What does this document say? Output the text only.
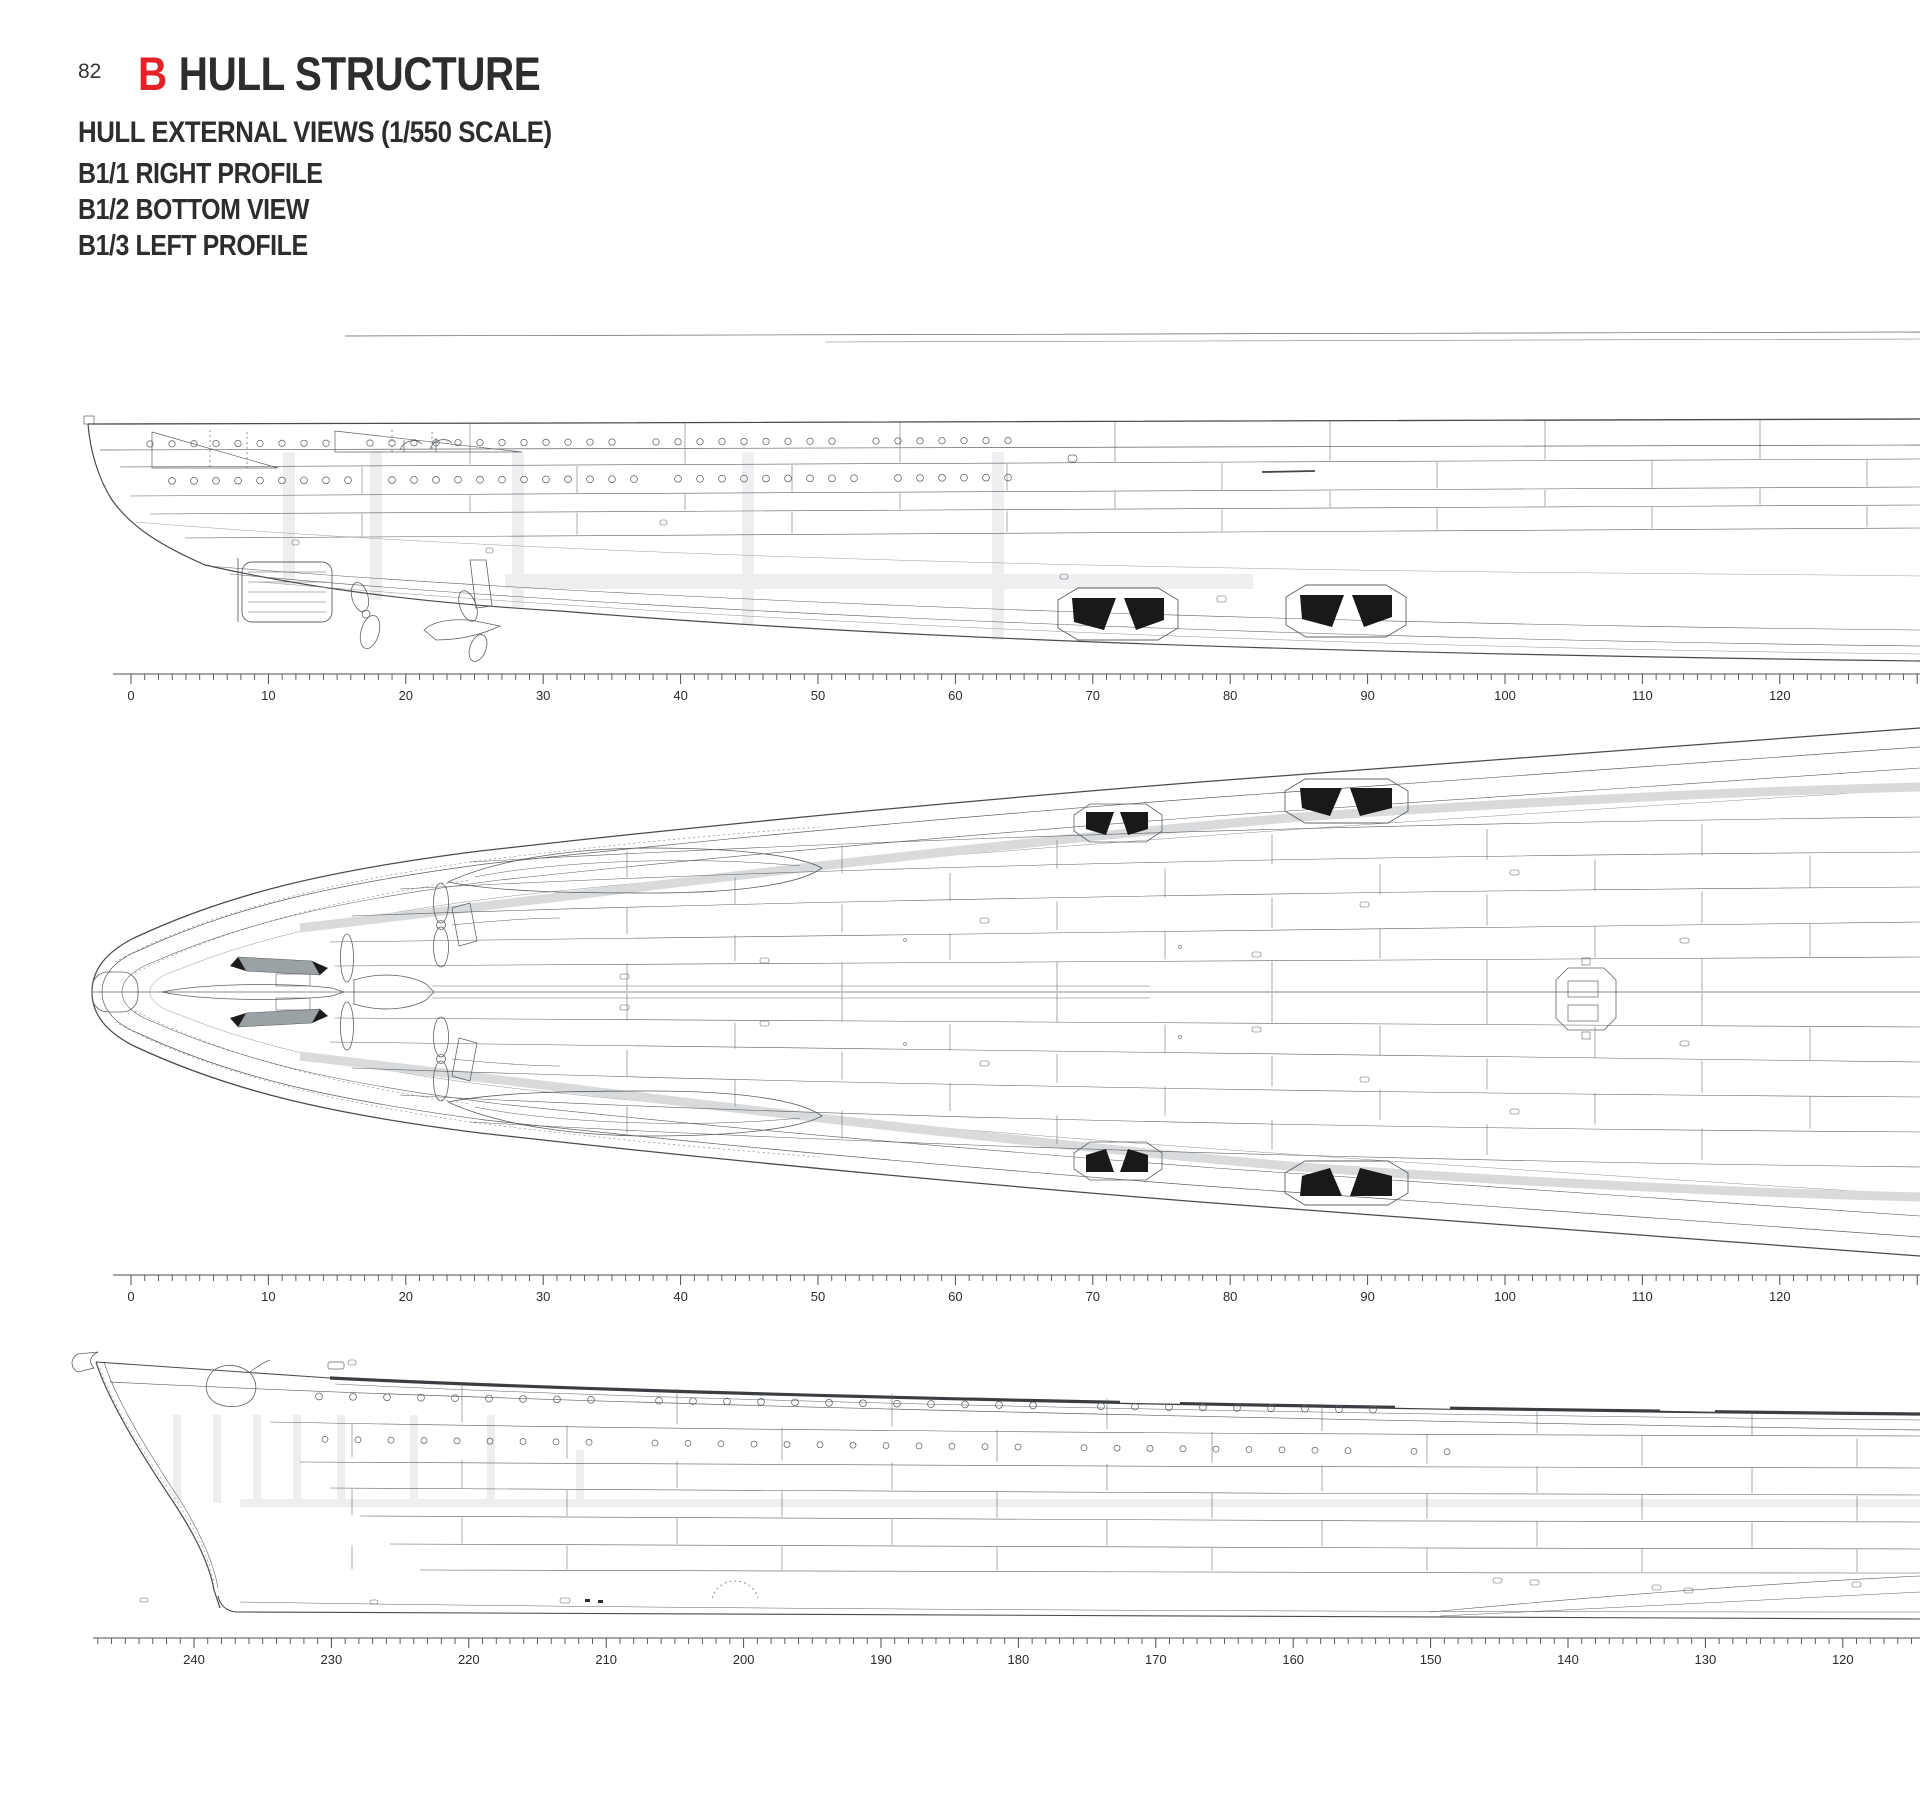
82 B HULL STRUCTURE
HULL EXTERNAL VIEWS (1/550 SCALE)
B1/1 RIGHT PROFILE
B1/2 BOTTOM VIEW
B1/3 LEFT PROFILE
0	10	20	30	40	50	60	70	80	90	100	110	120
0	10	20	30	40	50	60	70	80	90	100	110	120
240	230	220	210	200	190	180	170	160	150	140	130	120
